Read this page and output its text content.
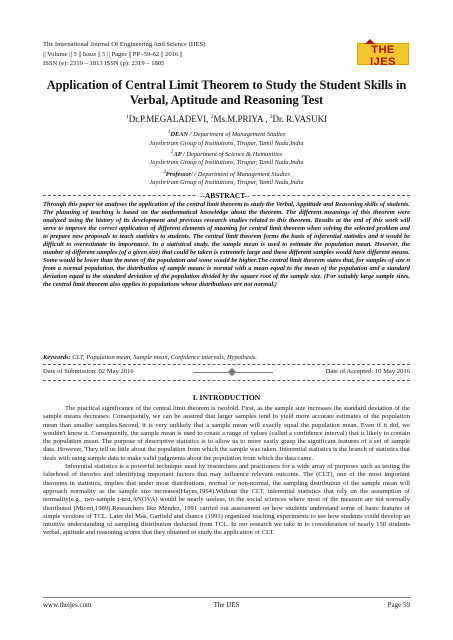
The International Journal Of Engineering And Science (IJES)
|| Volume || 5 || Issue || 5 || Pages || PP -59-62 || 2016 ||
ISSN (e): 2319 – 1813 ISSN (p): 2319 – 1805
THE IJES
Application of Central Limit Theorem to Study the Student Skills in Verbal, Aptitude and Reasoning Test
$^1$Dr.P.MEGALADEVI, $^2$Ms.M.PRIYA , $^3$Dr. R.VASUKI
$^1$DEAN / Department of Management Studies
Jayshriram Group of Institutions, Tirupur, Tamil Nadu,India
$^2$AP / Department of Science & Humanities
Jayshriram Group of Institutions, Tirupur, Tamil Nadu,India
$^3$Professor/ / Department of Management Studies
Jayshriram Group of Institutions, Tirupur, Tamil Nadu,India
--ABSTRACT--
Through this paper we analyses the application of the central limit theorem to study the Verbal, Apptitude and Reasoning skills of students. The planning of teaching is based on the mathematical knowledge about the theorem. The different meanings of this theorem were analyzed using the history of its development and previous research studies related to this theorem. Results at the end of this work will serve to improve the correct application of different elements of meaning for central limit theorem when solving the selected problem and to prepare new proposals to teach statistics to students. The central limit theorem forms the basis of inferential statistics and it would be difficult to overestimate its importance. In a statistical study, the sample mean is used to estimate the population mean. However, the number of different samples (of a given size) that could be taken is extremely large and these different samples would have different means. Some would be lower than the mean of the population and some would be higher.The central limit theorem states that, for samples of size n from a normal population, the distribution of sample means is normal with a mean equal to the mean of the population and a standard deviation equal to the standard deviation of the population divided by the square root of the sample size. (For suitably large sample sizes, the central limit theorem also applies to populations whose distributions are not normal.)
Keywords: CLT, Population mean, Sample mean, Confidence intervals, Hypothesis.
Date of Submission: 02 May 2016	Date of Accepted: 10 May 2016
I. INTRODUCTION

The practical significance of the central limit theorem is twofold. First, as the sample size increases the standard deviation of the sample means decreases. Consequently, we can be assured that larger samples tend to yield more accurate estimates of the population mean than smaller samples.Second, it is very unlikely that a sample mean will exactly equal the population mean. Even if it did, we wouldn't know it. Consequently, the sample mean is used to create a range of values (called a confidence interval) that is likely to contain the population mean. The purpose of descriptive statistics is to allow us to more easily grasp the significant features of a set of sample data. However, They tell us little about the population from which the sample was taken. Inferential statistics is the branch of statistics that deals with using sample data to make valid judgments about the population from which the data came.

Inferential statistics is a powerful technique used by researchers and practioners for a wide array of purposes such as testing the falsehood of theories and identifying important factors that may influence relevant outcome. The (CLT), one of the most important theorems in statistics, implies that under most distributions, normal or non-normal, the sampling distribution of the sample mean will approach normality as the sample size increases(Hayes,1994).Without the CLT, inferential statistics that rely on the assumption of normality(e.g., two-sample t-test,ANOVA) would be nearly useless, in the social sciences where most of the measure are not normally distributed (Miceri,1989).Researchers like Mendez, 1991 carried out assessment on how students understand some of basic features of simple versions of TCL. Later del Mas, Garfield and chance (1991) organized teaching experiments to see how students could develop an intuitive understanding of sampling distribution deducted from TCL. In our research we take in to consideration of nearly 150 students verbal, aptitude and reasoning scores that they obtained to study the application of CLT.

www.theijes.com	The IJES	Page 59
